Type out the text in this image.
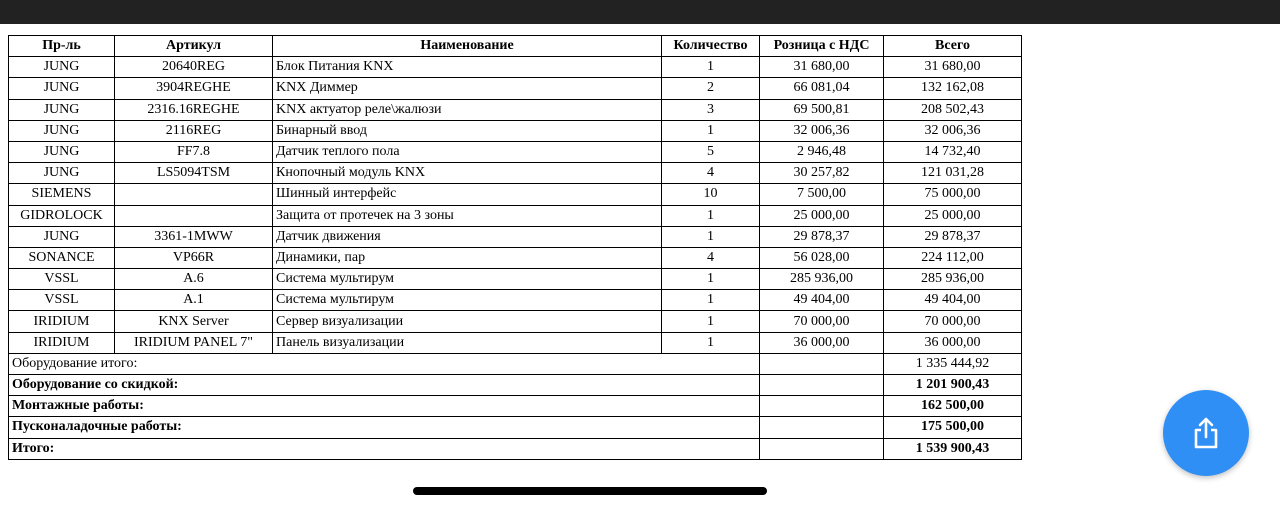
Пр-ль	Артикул	Наименование	Количество	Розница с НДС	Всего
JUNG	20640REG	Блок Питания KNX	1	31 680,00	31 680,00
JUNG	3904REGHE	KNX Диммер	2	66 081,04	132 162,08
JUNG	2316.16REGHE	KNX актуатор реле\жалюзи	3	69 500,81	208 502,43
JUNG	2116REG	Бинарный ввод	1	32 006,36	32 006,36
JUNG	FF7.8	Датчик теплого пола	5	2 946,48	14 732,40
JUNG	LS5094TSM	Кнопочный модуль KNX	4	30 257,82	121 031,28
SIEMENS		Шинный интерфейс	10	7 500,00	75 000,00
GIDROLOCK		Защита от протечек на 3 зоны	1	25 000,00	25 000,00
JUNG	3361-1MWW	Датчик движения	1	29 878,37	29 878,37
SONANCE	VP66R	Динамики, пар	4	56 028,00	224 112,00
VSSL	A.6	Система мультирум	1	285 936,00	285 936,00
VSSL	A.1	Система мультирум	1	49 404,00	49 404,00
IRIDIUM	KNX Server	Сервер визуализации	1	70 000,00	70 000,00
IRIDIUM	IRIDIUM PANEL 7"	Панель визуализации	1	36 000,00	36 000,00
Оборудование итого:					1 335 444,92
Оборудование со скидкой:					1 201 900,43
Монтажные работы:					162 500,00
Пусконаладочные работы:					175 500,00
Итого:					1 539 900,43
